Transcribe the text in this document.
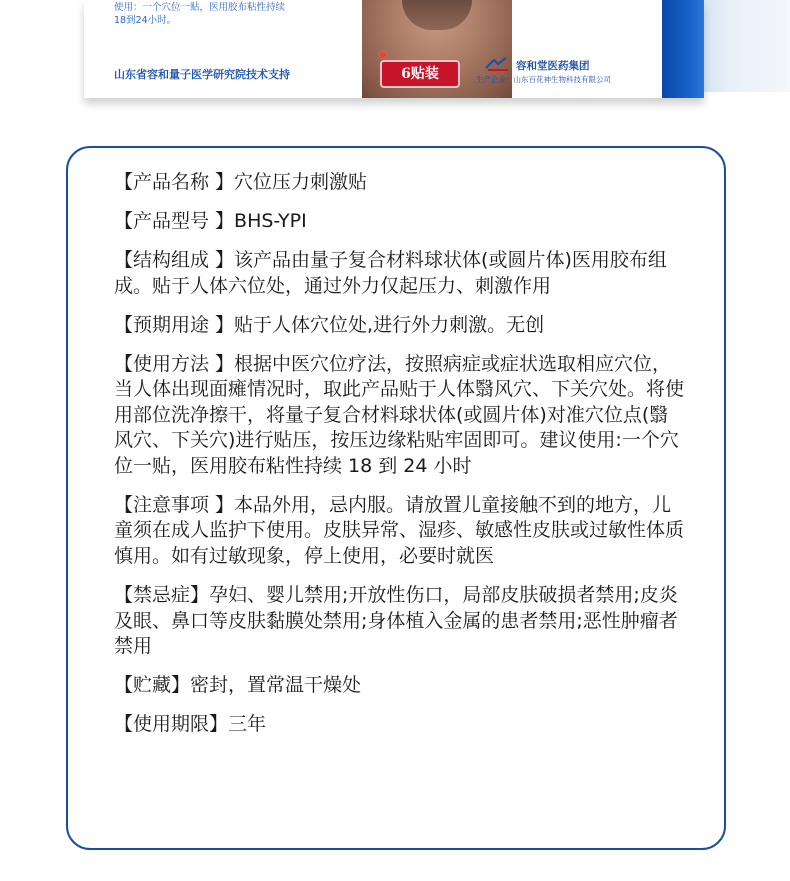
使用：一个穴位一贴，医用胶布粘性持续
18到24小时。
山东省容和量子医学研究院技术支持	6贴装	容和堂医药集团
生产企业：山东百花神生物科技有限公司
【产品名称 】穴位压力刺激贴
【产品型号 】BHS-YPI
【结构组成 】该产品由量子复合材料球状体(或圆片体)医用胶布组成。贴于人体六位处，通过外力仅起压力、刺激作用
【预期用途 】贴于人体穴位处,进行外力刺激。无创
【使用方法 】根据中医穴位疗法，按照病症或症状选取相应穴位，当人体出现面瘫情况时，取此产品贴于人体翳风穴、下关穴处。将使用部位洗净擦干，将量子复合材料球状体(或圆片体)对准穴位点(翳风穴、下关穴)进行贴压，按压边缘粘贴牢固即可。建议使用:一个穴位一贴，医用胶布粘性持续 18 到 24 小时
【注意事项 】本品外用，忌内服。请放置儿童接触不到的地方，儿童须在成人监护下使用。皮肤异常、湿疹、敏感性皮肤或过敏性体质慎用。如有过敏现象，停上使用，必要时就医
【禁忌症】孕妇、婴儿禁用;开放性伤口，局部皮肤破损者禁用;皮炎及眼、鼻口等皮肤黏膜处禁用;身体植入金属的患者禁用;恶性肿瘤者禁用
【贮藏】密封，置常温干燥处
【使用期限】三年
